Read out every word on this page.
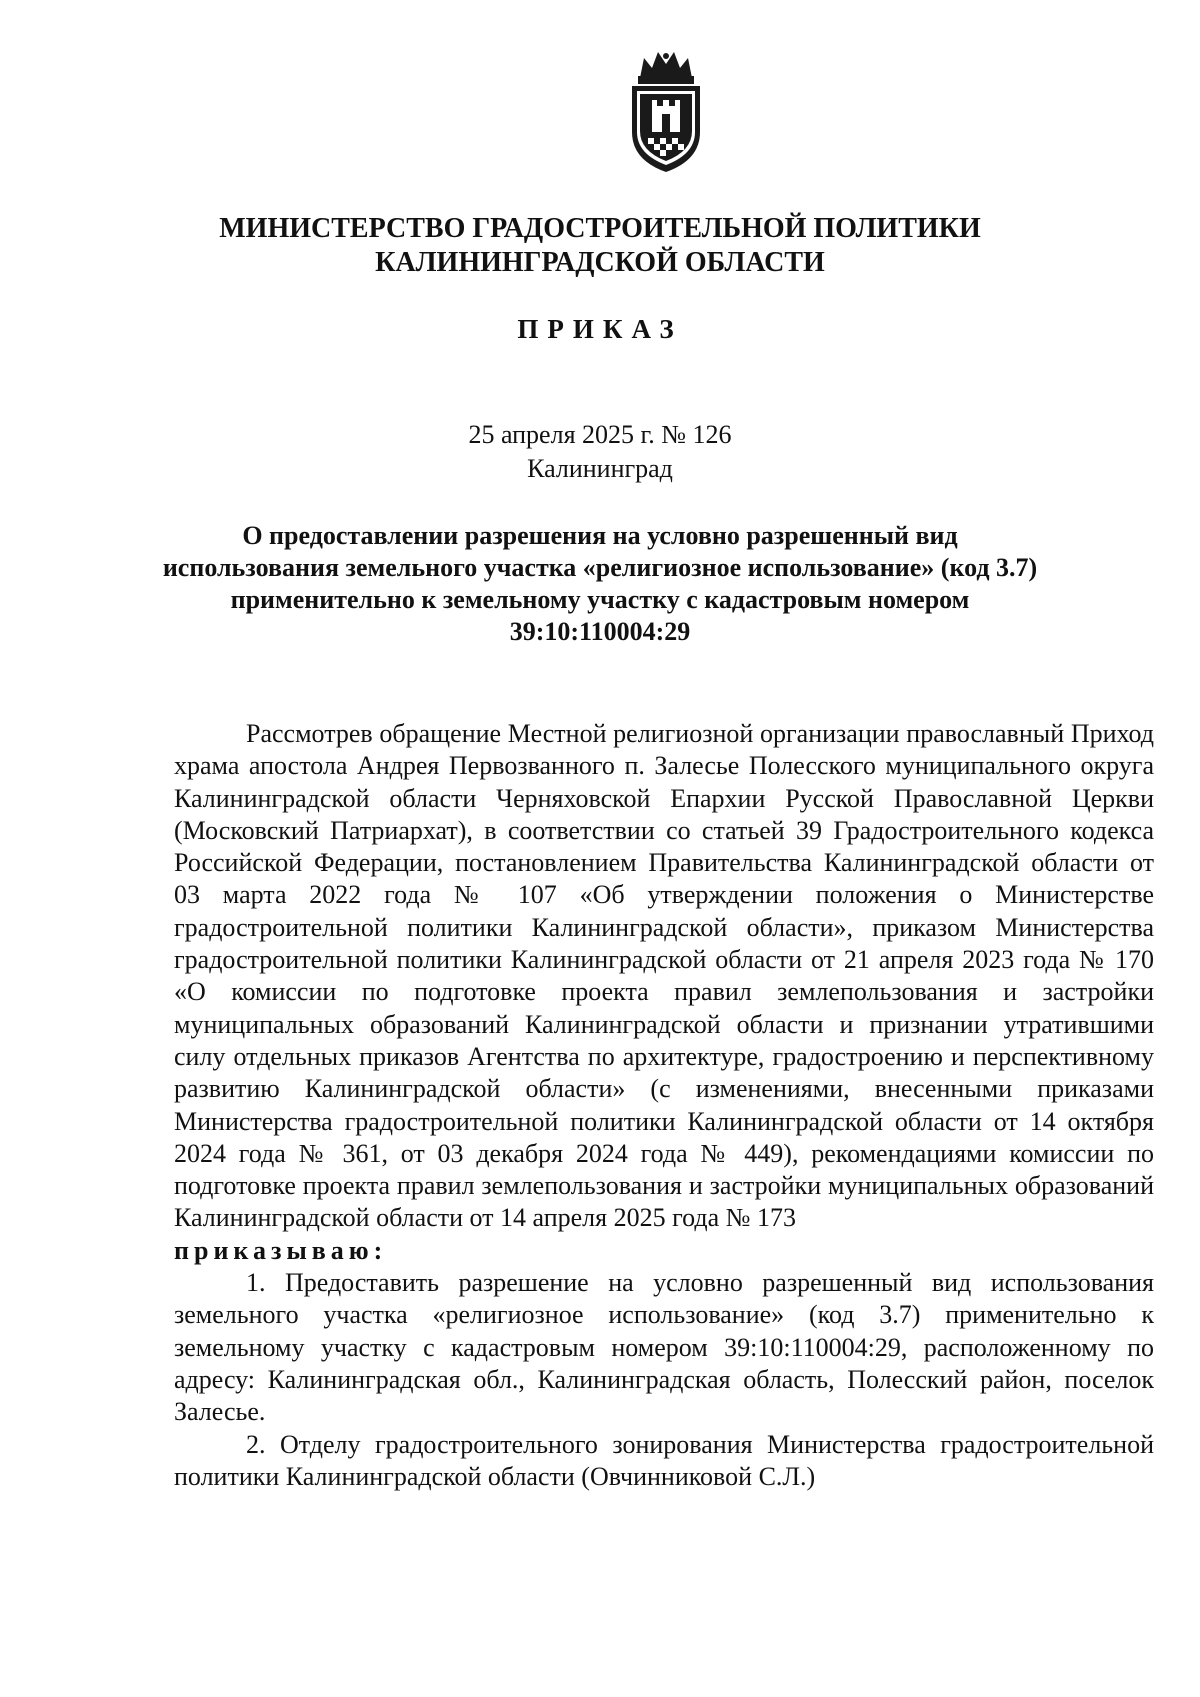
МИНИСТЕРСТВО ГРАДОСТРОИТЕЛЬНОЙ ПОЛИТИКИ
КАЛИНИНГРАДСКОЙ ОБЛАСТИ
ПРИКАЗ
25 апреля 2025 г. № 126
Калининград
О предоставлении разрешения на условно разрешенный вид
использования земельного участка «религиозное использование» (код 3.7)
применительно к земельному участку с кадастровым номером
39:10:110004:29

Рассмотрев обращение Местной религиозной организации православный Приход храма апостола Андрея Первозванного п. Залесье Полесского муниципального округа Калининградской области Черняховской Епархии Русской Православной Церкви (Московский Патриархат), в соответствии со статьей 39 Градостроительного кодекса Российской Федерации, постановлением Правительства Калининградской области от 03 марта 2022 года № 107 «Об утверждении положения о Министерстве градостроительной политики Калининградской области», приказом Министерства градостроительной политики Калининградской области от 21 апреля 2023 года № 170 «О комиссии по подготовке проекта правил землепользования и застройки муниципальных образований Калининградской области и признании утратившими силу отдельных приказов Агентства по архитектуре, градостроению и перспективному развитию Калининградской области» (с изменениями, внесенными приказами Министерства градостроительной политики Калининградской области от 14 октября 2024 года № 361, от 03 декабря 2024 года № 449), рекомендациями комиссии по подготовке проекта правил землепользования и застройки муниципальных образований Калининградской области от 14 апреля 2025 года № 173

приказываю:

1. Предоставить разрешение на условно разрешенный вид использования земельного участка «религиозное использование» (код 3.7) применительно к земельному участку с кадастровым номером 39:10:110004:29, расположенному по адресу: Калининградская обл., Калининградская область, Полесский район, поселок Залесье.

2. Отделу градостроительного зонирования Министерства градостроительной политики Калининградской области (Овчинниковой С.Л.)
